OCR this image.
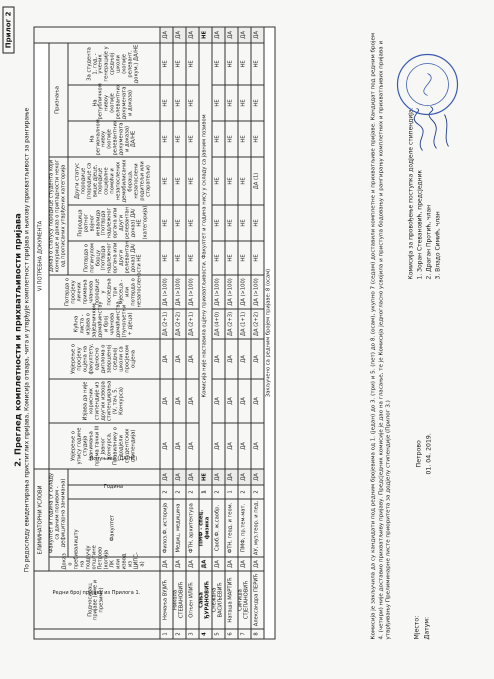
Прилог 2
2. Преглед комплетности и прихватљивости пријава По редоследу евидентирања пристиглих пријава, Комисија отвара, чита и утврђује комплетност пријава и њихову прихватљивост за рангирање
Редни број пријаве из Прилога 1.	Подносилац пријаве (име и презиме)	ЕЛИМИНАТОРНИ УСЛОВИ				VI ПОТРЕБНА ДОКУМЕНТА	
		Доказ о пребивалишту на подручју општине Петрово (копија ЛК или извод из ЦИПС-а)	Факултет и година (У складу са даним позивом - дефицитарна занимања)			Увјерење о упису године студија (занимања према тачки III Јавног конкурса, Правилнику о додјели студентских стипендија)	Изјава да није корисник стипендије из других извора стипендирања (V, тач. 5. Конкурса)	Увјерење о просјеку оцјена на факултету, односно диплома о завршеној средњој школи са просјеком оцјена	Кућна листа - изјава о заједничком домаћинству и број чланова домаћинства (пунољетни + дјеца)	Потврда о просјеку личних примања чланова породице у последња три мјесеца - или потврда о незапослености	Доказ о статусу породице студента који конкурише и доказ о припадности неког од прописаних утврђених категорија			Признања			
			Факултет	Година	Испуњава (ДА/НЕ)						Потврда о погинулом борцу (потврда надлежног органа или други релевантан доказ) ДА/НЕ	Породица ратног војног инвалида (потврда надлежног органа или други релевантан доказ) ДА/НЕ (категорија)	Други статус породице (породице са више дјеце, породице социјалне помоћи и незапослених демобилисаних бораца, незапослени родитељи или старатељи)	На регионалном нивоу (копије релевантних докумената и доказа) ДА/НЕ	На републичком нивоу (копије релевантних докумената и доказа)	За студента 1. год. - ученик генерације у средњој школи (копије релевант. докум.) ДА/НЕ	
1	Немања ВУЈИЋ	ДА	Филоз.Ф. историја	2	ДА	ДА	ДА	ДА	ДА (2+1)	ДА (>100)	НЕ	НЕ	НЕ	НЕ	НЕ	НЕ	ДА
2	Никола СТЕВАНОВИЋ	ДА	Медиц. медицина	2	ДА	ДА	ДА	ДА	ДА (2+2)	ДА (>100)	НЕ	НЕ	НЕ	НЕ	НЕ	НЕ	ДА
3	Огњен ИЛИЋ	ДА	ФТН, архитектура	2	ДА	ДА	ДА	ДА	ДА (2+1)	ДА (>100)	НЕ	НЕ	НЕ	НЕ	НЕ	НЕ	ДА
4	Сања ЂУРАНОВИЋ	ДА	ПМФ - спец. физика	1	НЕ	Комисија није наставила оцјену прихватљивости. Факултет и година нису у складу са јавним позивом											НЕ
5	Снежана ВАСИЉЕВИЋ	ДА	Саоб.Ф. ж.саобр.	2	ДА	ДА	ДА	ДА	ДА (4+0)	ДА (>100)	НЕ	НЕ	НЕ	НЕ	НЕ	НЕ	ДА
6	Наташа МАРТИЋ	ДА	ФТН, геод. и геом.	1	ДА	ДА	ДА	ДА	ДА (2+3)	ДА (>100)	НЕ	НЕ	НЕ	НЕ	НЕ	НЕ	ДА
7	Синиша СТЈЕПАНОВИЋ	ДА	ПМФ, пр.тем-мат.	2	ДА	ДА	ДА	ДА	ДА (1+1)	ДА (>100)	НЕ	НЕ	НЕ	НЕ	НЕ	НЕ	ДА
8	Александра ПЕРИЋ	ДА	АУ, муз.теор. и пед.	2	ДА	ДА	ДА	ДА	ДА (2+2)	ДА (>100)	НЕ	НЕ	ДА (1)	НЕ	НЕ	НЕ	ДА
Закључено са редним бројем пријаве: 8 (осам)																		Комисија је закључила да су кандидати под редним бројевима од 1. (један) до 3. (три) и 5. (пет) до 8. (осам), укупно 7 (седам) доставили комплетне и прихватљиве пријаве. Кандидат под редним бројем 4. (четири) није доставио прихватљиву пријаву. Предсједник комисије је дао на гласање, те је Комисија једногласно усвојила и приступа бодовању и рангирању комплетних и прихватљивих пријава и утврђивању Прелиминарне листе приоритета за додјелу стипендије (Прилог 3.)	Мјесто: Датум:
Петрово 01. 04. 2019.
Комисија за провођење поступка додјеле стипендија: 1. Зоран Стевановић, предсједник 2. Драган Протић, члан 3. Владо Симић, члан
